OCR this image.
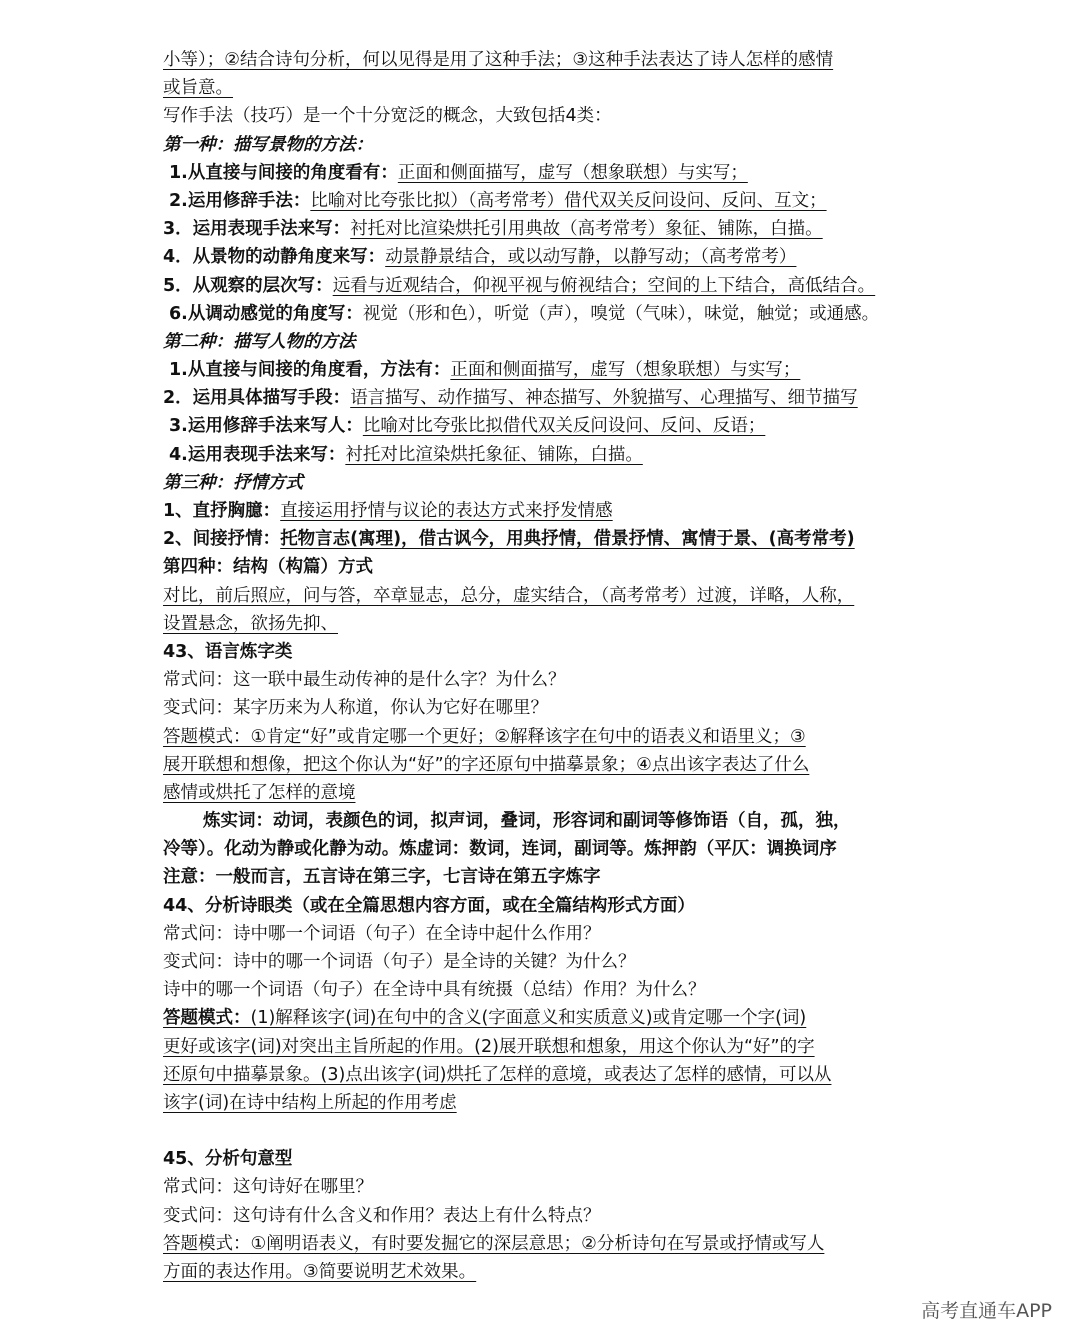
小等）；②结合诗句分析，何以见得是用了这种手法；③这种手法表达了诗人怎样的感情
或旨意。
写作手法（技巧）是一个十分宽泛的概念，大致包括4类：
第一种：描写景物的方法：
1.从直接与间接的角度看有：正面和侧面描写，虚写（想象联想）与实写；
2.运用修辞手法：比喻对比夸张比拟）（高考常考）借代双关反问设问、反问、互文；
3．运用表现手法来写：衬托对比渲染烘托引用典故（高考常考）象征、铺陈，白描。
4．从景物的动静角度来写：动景静景结合，或以动写静，以静写动；（高考常考）
5．从观察的层次写：远看与近观结合，仰视平视与俯视结合；空间的上下结合，高低结合。
6.从调动感觉的角度写：视觉（形和色），听觉（声），嗅觉（气味），味觉，触觉；或通感。
第二种：描写人物的方法
1.从直接与间接的角度看，方法有：正面和侧面描写，虚写（想象联想）与实写；
2．运用具体描写手段：语言描写、动作描写、神态描写、外貌描写、心理描写、细节描写
3.运用修辞手法来写人：比喻对比夸张比拟借代双关反问设问、反问、反语；
4.运用表现手法来写：衬托对比渲染烘托象征、铺陈，白描。
第三种：抒情方式
1、直抒胸臆：直接运用抒情与议论的表达方式来抒发情感
2、间接抒情：托物言志(寓理)，借古讽今，用典抒情，借景抒情、寓情于景、(高考常考)
第四种：结构（构篇）方式
对比，前后照应，问与答，卒章显志，总分，虚实结合，（高考常考）过渡，详略，人称，
设置悬念，欲扬先抑、
43、语言炼字类
常式问：这一联中最生动传神的是什么字？为什么？
变式问：某字历来为人称道，你认为它好在哪里？
答题模式：①肯定“好”或肯定哪一个更好；②解释该字在句中的语表义和语里义；③
展开联想和想像，把这个你认为“好”的字还原句中描摹景象；④点出该字表达了什么
感情或烘托了怎样的意境
炼实词：动词，表颜色的词，拟声词，叠词，形容词和副词等修饰语（自，孤，独，
冷等）。化动为静或化静为动。炼虚词：数词，连词，副词等。炼押韵（平仄：调换词序
注意：一般而言，五言诗在第三字，七言诗在第五字炼字
44、分析诗眼类（或在全篇思想内容方面，或在全篇结构形式方面）
常式问：诗中哪一个词语（句子）在全诗中起什么作用？
变式问：诗中的哪一个词语（句子）是全诗的关键？为什么？
诗中的哪一个词语（句子）在全诗中具有统摄（总结）作用？为什么？
答题模式：(1)解释该字(词)在句中的含义(字面意义和实质意义)或肯定哪一个字(词)
更好或该字(词)对突出主旨所起的作用。(2)展开联想和想象，用这个你认为“好”的字
还原句中描摹景象。(3)点出该字(词)烘托了怎样的意境，或表达了怎样的感情，可以从
该字(词)在诗中结构上所起的作用考虑
45、分析句意型
常式问：这句诗好在哪里？
变式问：这句诗有什么含义和作用？表达上有什么特点？
答题模式：①阐明语表义，有时要发掘它的深层意思；②分析诗句在写景或抒情或写人
方面的表达作用。③简要说明艺术效果。
高考直通车APP
